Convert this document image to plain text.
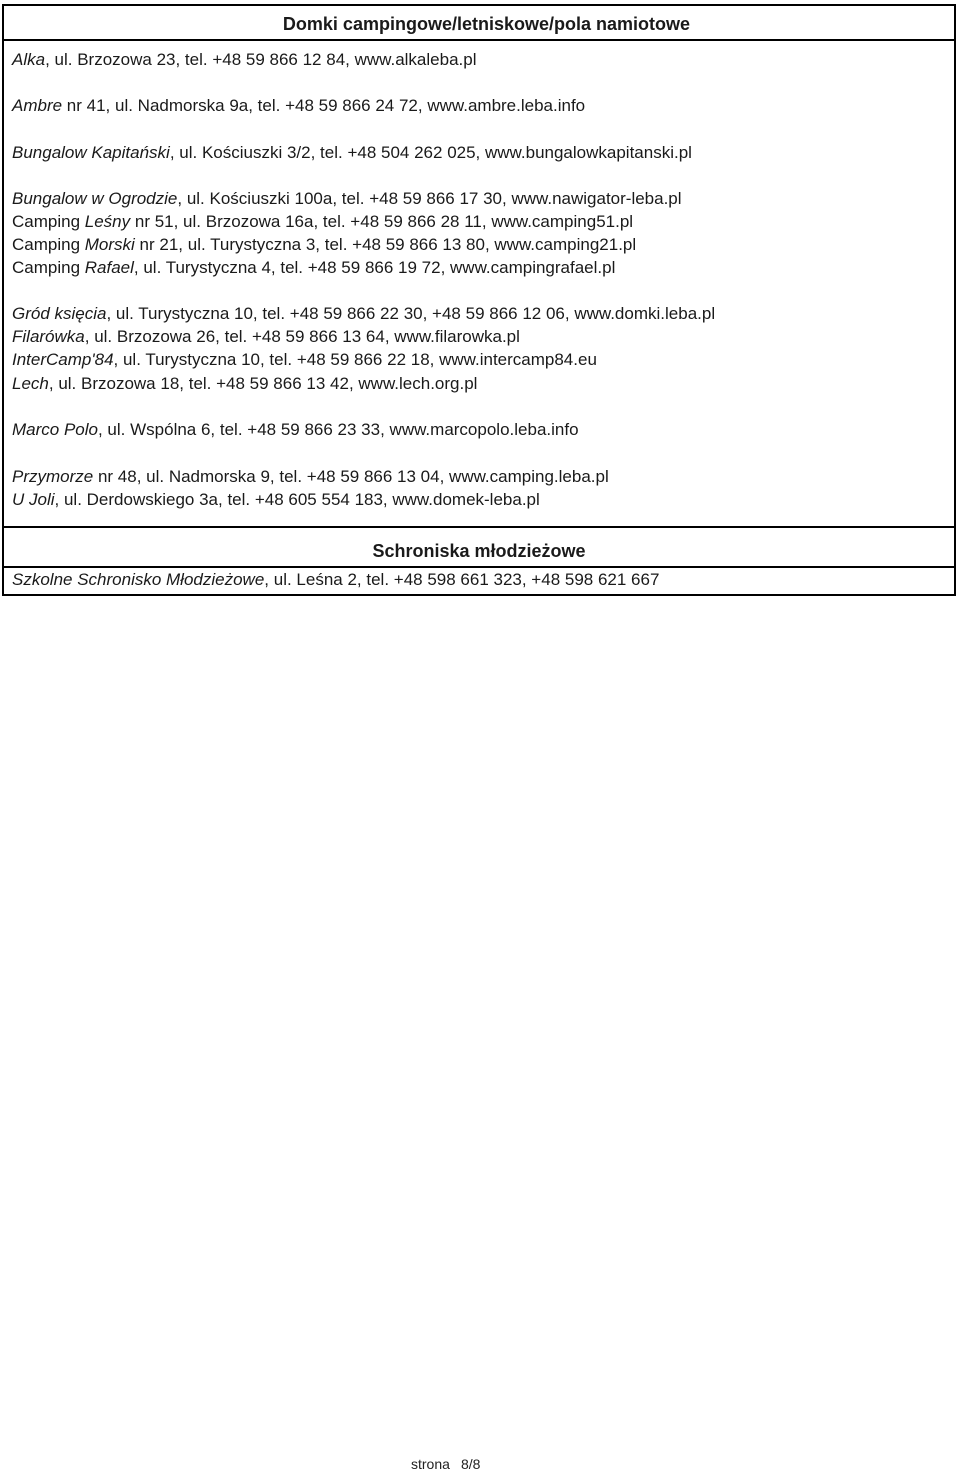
Domki campingowe/letniskowe/pola namiotowe
Alka, ul. Brzozowa 23, tel. +48 59 866 12 84, www.alkaleba.pl
Ambre nr 41, ul. Nadmorska 9a, tel. +48 59 866 24 72, www.ambre.leba.info
Bungalow Kapitański, ul. Kościuszki 3/2, tel. +48 504 262 025, www.bungalowkapitanski.pl
Bungalow w Ogrodzie, ul. Kościuszki 100a, tel. +48 59 866 17 30, www.nawigator-leba.pl
Camping Leśny nr 51, ul. Brzozowa 16a, tel. +48 59 866 28 11, www.camping51.pl
Camping Morski nr 21, ul. Turystyczna 3, tel. +48 59 866 13 80, www.camping21.pl
Camping Rafael, ul. Turystyczna 4, tel. +48 59 866 19 72, www.campingrafael.pl
Gród księcia, ul. Turystyczna 10, tel. +48 59 866 22 30, +48 59 866 12 06, www.domki.leba.pl
Filarówka, ul. Brzozowa 26, tel. +48 59 866 13 64, www.filarowka.pl
InterCamp'84, ul. Turystyczna 10, tel. +48 59 866 22 18, www.intercamp84.eu
Lech, ul. Brzozowa 18, tel. +48 59 866 13 42, www.lech.org.pl
Marco Polo, ul. Wspólna 6, tel. +48 59 866 23 33, www.marcopolo.leba.info
Przymorze nr 48, ul. Nadmorska 9, tel. +48 59 866 13 04, www.camping.leba.pl
U Joli, ul. Derdowskiego 3a, tel. +48 605 554 183, www.domek-leba.pl
Schroniska młodzieżowe
Szkolne Schronisko Młodzieżowe, ul. Leśna 2, tel. +48 598 661 323, +48 598 621 667
strona 8/8
